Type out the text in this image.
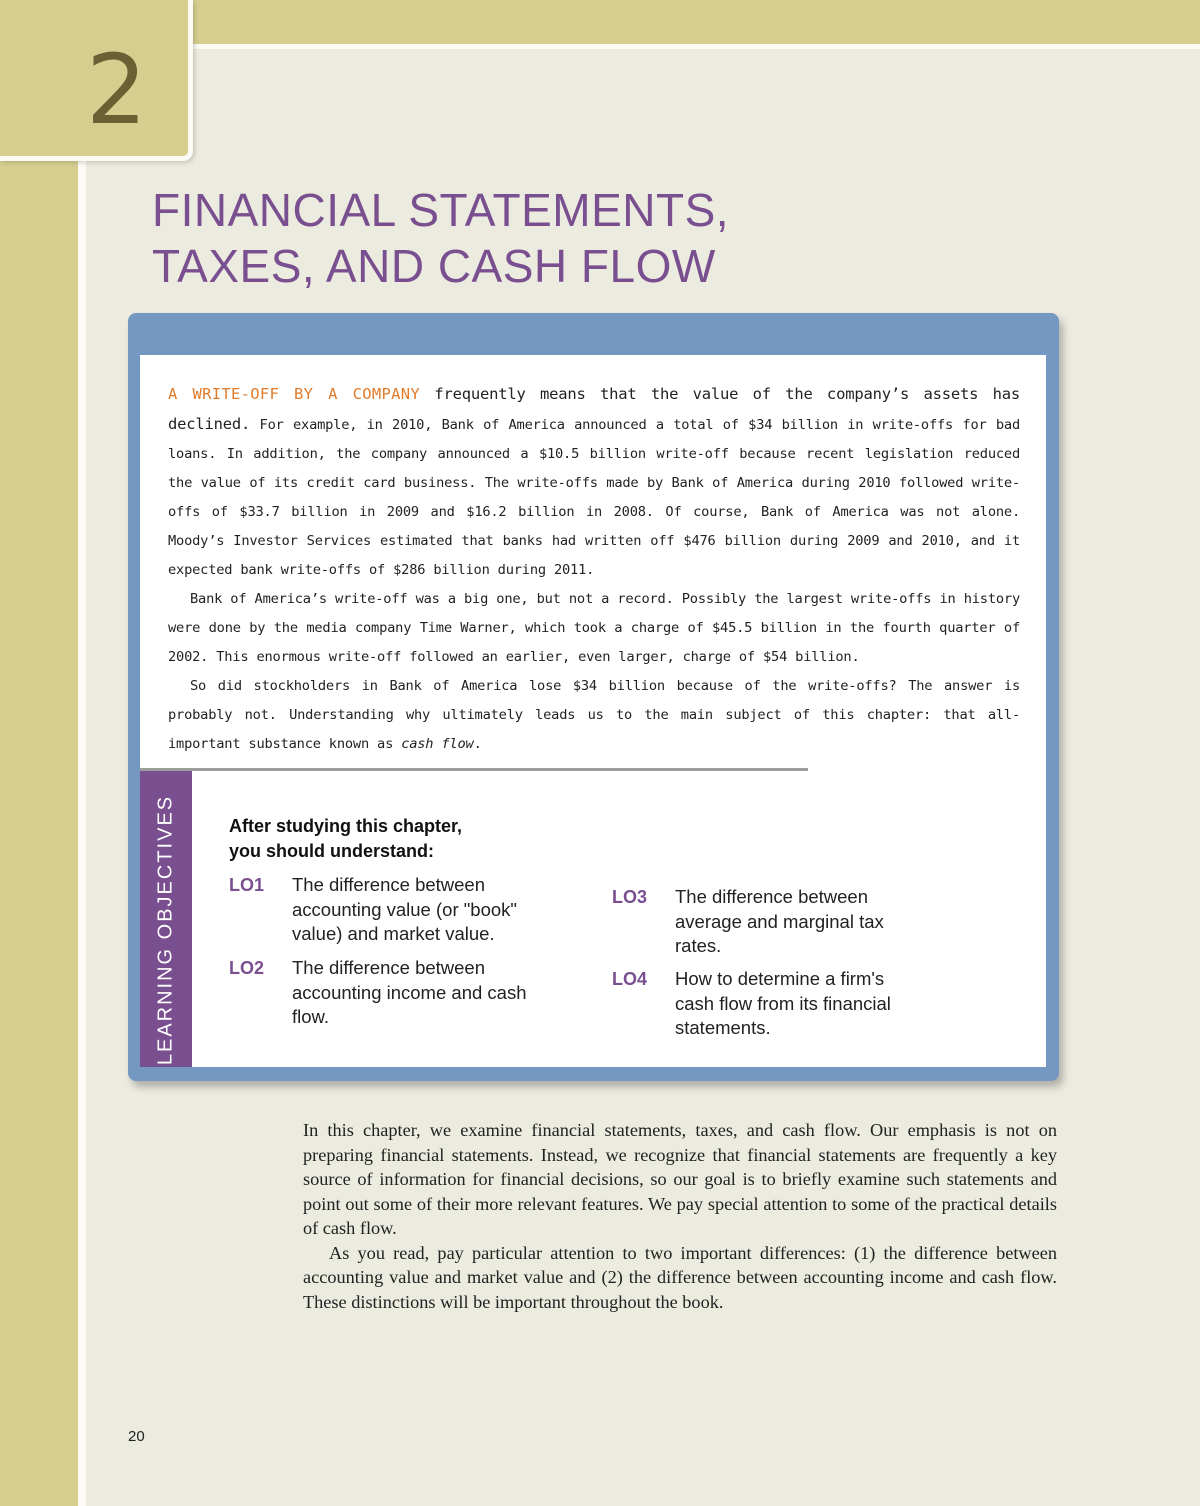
2
FINANCIAL STATEMENTS,
TAXES, AND CASH FLOW

A WRITE-OFF BY A COMPANY frequently means that the value of the company’s assets has declined. For example, in 2010, Bank of America announced a total of $34 billion in write-offs for bad loans. In addition, the company announced a $10.5 billion write-off because recent legislation reduced the value of its credit card business. The write-offs made by Bank of America during 2010 followed write-offs of $33.7 billion in 2009 and $16.2 billion in 2008. Of course, Bank of America was not alone. Moody’s Investor Services estimated that banks had written off $476 billion during 2009 and 2010, and it expected bank write-offs of $286 billion during 2011.

Bank of America’s write-off was a big one, but not a record. Possibly the largest write-offs in history were done by the media company Time Warner, which took a charge of $45.5 billion in the fourth quarter of 2002. This enormous write-off followed an earlier, even larger, charge of $54 billion.

So did stockholders in Bank of America lose $34 billion because of the write-offs? The answer is probably not. Understanding why ultimately leads us to the main subject of this chapter: that all-important substance known as cash flow.

LEARNING OBJECTIVES	After studying this chapter,
you should understand:
LO1 The difference between accounting value (or "book" value) and market value.
LO2 The difference between accounting income and cash flow.
LO3 The difference between average and marginal tax rates.
LO4 How to determine a firm's cash flow from its financial statements.

In this chapter, we examine financial statements, taxes, and cash flow. Our emphasis is not on preparing financial statements. Instead, we recognize that financial statements are frequently a key source of information for financial decisions, so our goal is to briefly examine such statements and point out some of their more relevant features. We pay special attention to some of the practical details of cash flow.

As you read, pay particular attention to two important differences: (1) the difference between accounting value and market value and (2) the difference between accounting income and cash flow. These distinctions will be important throughout the book.

20
